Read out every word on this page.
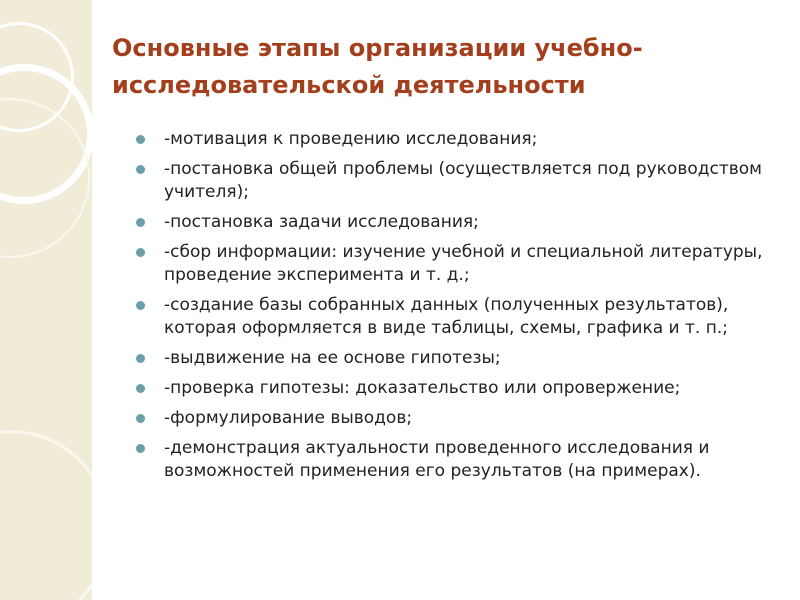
Основные этапы организации учебно-исследовательской деятельности
-мотивация к проведению исследования;
-постановка общей проблемы (осуществляется под руководством учителя);
-постановка задачи исследования;
-сбор информации: изучение учебной и специальной литературы, проведение эксперимента и т. д.;
-создание базы собранных данных (полученных результатов), которая оформляется в виде таблицы, схемы, графика и т. п.;
-выдвижение на ее основе гипотезы;
-проверка гипотезы: доказательство или опровержение;
-формулирование выводов;
-демонстрация актуальности проведенного исследования и возможностей применения его результатов (на примерах).
